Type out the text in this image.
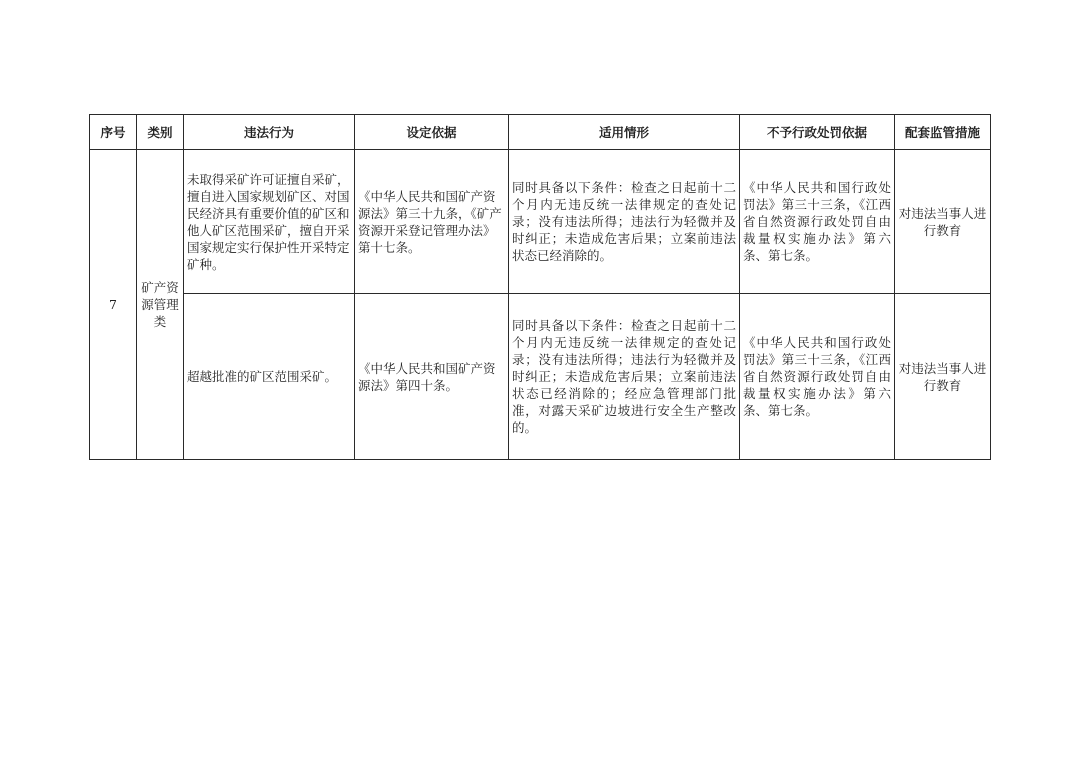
序号	类别	违法行为	设定依据	适用情形	不予行政处罚依据	配套监管措施
7	矿产资源管理类	未取得采矿许可证擅自采矿，擅自进入国家规划矿区、对国民经济具有重要价值的矿区和他人矿区范围采矿，擅自开采国家规定实行保护性开采特定矿种。	《中华人民共和国矿产资源法》第三十九条，《矿产资源开采登记管理办法》第十七条。	同时具备以下条件：检查之日起前十二个月内无违反统一法律规定的查处记录；没有违法所得；违法行为轻微并及时纠正；未造成危害后果；立案前违法状态已经消除的。	《中华人民共和国行政处罚法》第三十三条，《江西省自然资源行政处罚自由裁量权实施办法》第六条、第七条。	对违法当事人进行教育

		超越批准的矿区范围采矿。	《中华人民共和国矿产资源法》第四十条。	同时具备以下条件：检查之日起前十二个月内无违反统一法律规定的查处记录；没有违法所得；违法行为轻微并及时纠正；未造成危害后果；立案前违法状态已经消除的；经应急管理部门批准，对露天采矿边坡进行安全生产整改的。	《中华人民共和国行政处罚法》第三十三条，《江西省自然资源行政处罚自由裁量权实施办法》第六条、第七条。	对违法当事人进行教育
